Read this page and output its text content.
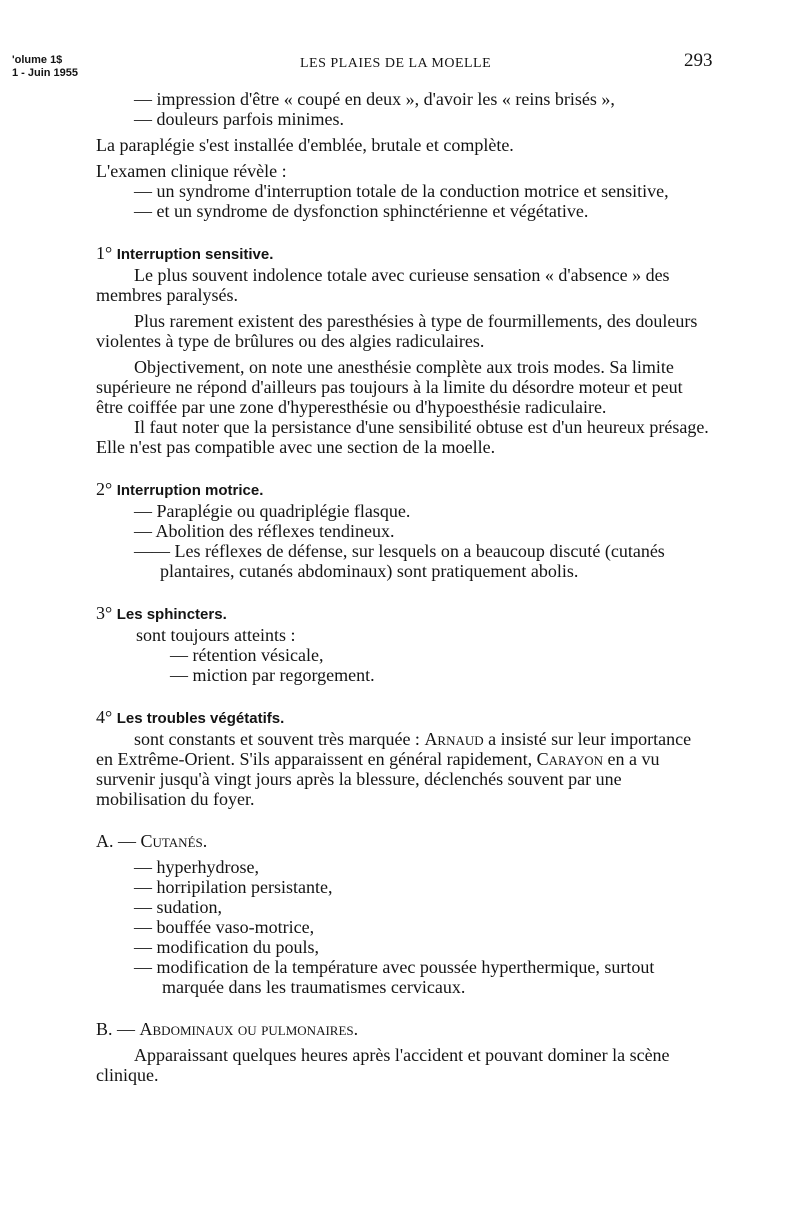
'olume 1$
1 - Juin 1955
LES PLAIES DE LA MOELLE	293

— impression d'être « coupé en deux », d'avoir les « reins brisés »,

— douleurs parfois minimes.

La paraplégie s'est installée d'emblée, brutale et complète.

L'examen clinique révèle :

— un syndrome d'interruption totale de la conduction motrice et sensitive,

— et un syndrome de dysfonction sphinctérienne et végétative.

1° Interruption sensitive.

Le plus souvent indolence totale avec curieuse sensation « d'absence » des membres paralysés.

Plus rarement existent des paresthésies à type de fourmillements, des douleurs violentes à type de brûlures ou des algies radiculaires.

Objectivement, on note une anesthésie complète aux trois modes. Sa limite supérieure ne répond d'ailleurs pas toujours à la limite du désordre moteur et peut être coiffée par une zone d'hyperesthésie ou d'hypoesthésie radiculaire.

Il faut noter que la persistance d'une sensibilité obtuse est d'un heureux présage. Elle n'est pas compatible avec une section de la moelle.

2° Interruption motrice.

— Paraplégie ou quadriplégie flasque.

— Abolition des réflexes tendineux.

—— Les réflexes de défense, sur lesquels on a beaucoup discuté (cutanés plantaires, cutanés abdominaux) sont pratiquement abolis.

3° Les sphincters.

sont toujours atteints :

— rétention vésicale,

— miction par regorgement.

4° Les troubles végétatifs.

sont constants et souvent très marquée : Arnaud a insisté sur leur importance en Extrême-Orient. S'ils apparaissent en général rapidement, Carayon en a vu survenir jusqu'à vingt jours après la blessure, déclenchés souvent par une mobilisation du foyer.

A. — Cutanés.

— hyperhydrose,
— horripilation persistante,
— sudation,
— bouffée vaso-motrice,
— modification du pouls,
— modification de la température avec poussée hyperthermique, surtout marquée dans les traumatismes cervicaux.

B. — Abdominaux ou pulmonaires.

Apparaissant quelques heures après l'accident et pouvant dominer la scène clinique.
